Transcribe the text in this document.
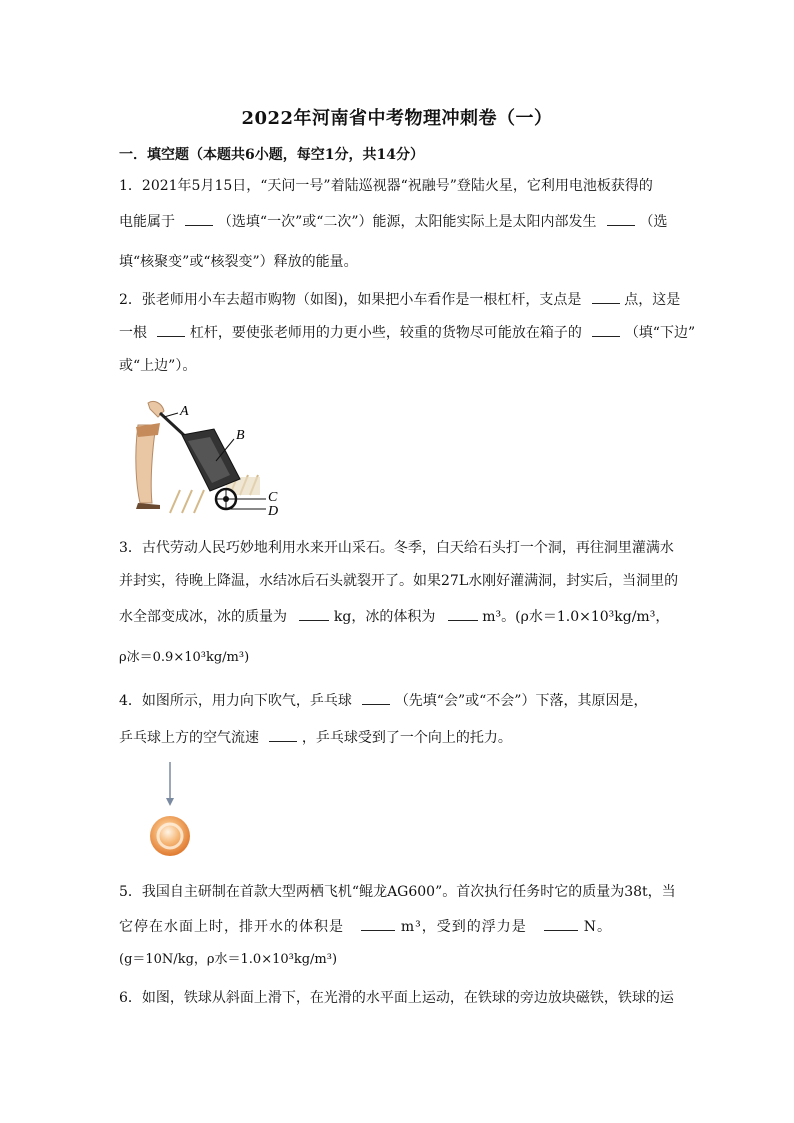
2022年河南省中考物理冲刺卷（一）
一．填空题（本题共6小题，每空1分，共14分）
1．2021年5月15日，“天问一号”着陆巡视器“祝融号”登陆火星，它利用电池板获得的
电能属于	（选填“一次”或“二次”）能源，太阳能实际上是太阳内部发生	（选
填“核聚变”或“核裂变”）释放的能量。
2．张老师用小车去超市购物（如图)，如果把小车看作是一根杠杆，支点是	点，这是
一根	杠杆，要使张老师用的力更小些，较重的货物尽可能放在箱子的	（填“下边”
或“上边”）。
A
B
C
D
3．古代劳动人民巧妙地利用水来开山采石。冬季，白天给石头打一个洞，再往洞里灌满水
并封实，待晚上降温，水结冰后石头就裂开了。如果27L水刚好灌满洞，封实后，当洞里的
水全部变成冰，冰的质量为	kg，冰的体积为	m³。(ρ水＝1.0×10³kg/m³，
ρ冰＝0.9×10³kg/m³)
4．如图所示，用力向下吹气，乒乓球	（先填“会”或“不会”）下落，其原因是，
乒乓球上方的空气流速	，乒乓球受到了一个向上的托力。
5．我国自主研制在首款大型两栖飞机“鲲龙AG600”。首次执行任务时它的质量为38t，当
它停在水面上时，排开水的体积是	m³，受到的浮力是	N。
(g＝10N/kg，ρ水＝1.0×10³kg/m³)
6．如图，铁球从斜面上滑下，在光滑的水平面上运动，在铁球的旁边放块磁铁，铁球的运
